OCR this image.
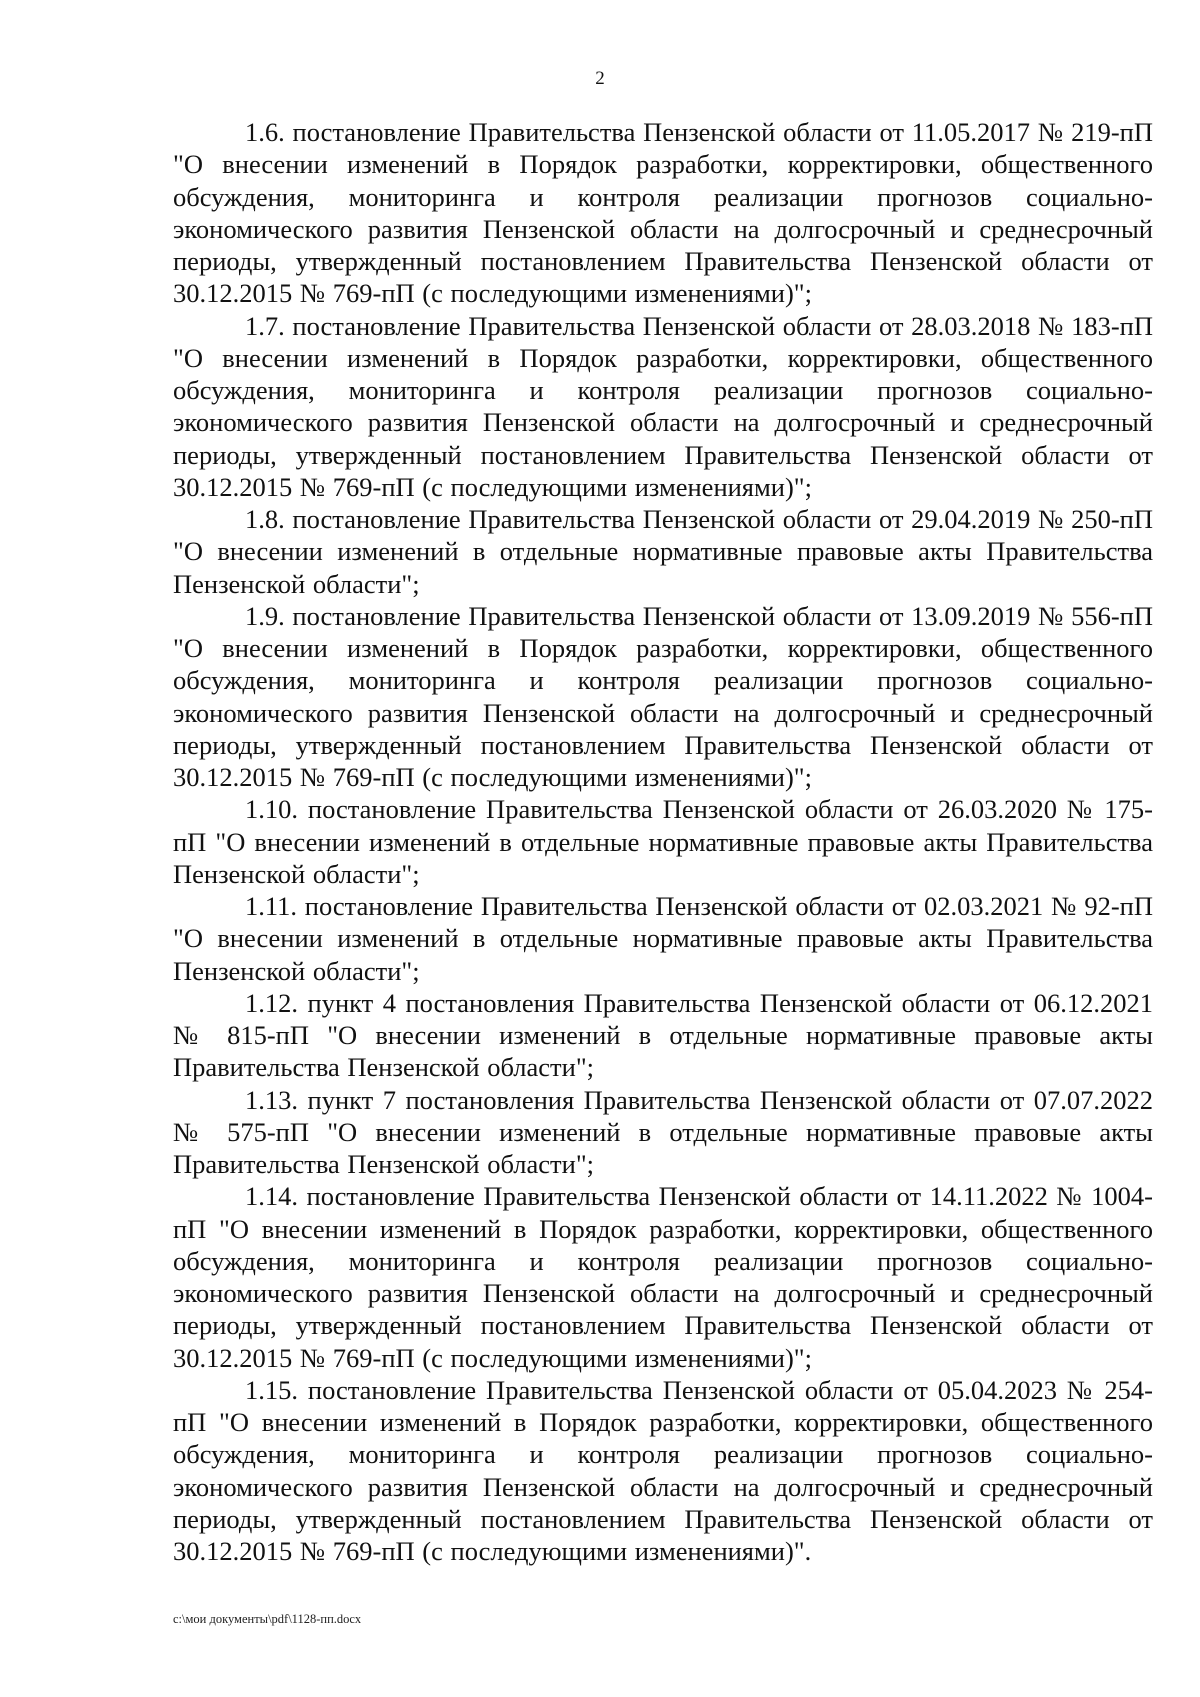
2

1.6. постановление Правительства Пензенской области от 11.05.2017 № 219-пП "О внесении изменений в Порядок разработки, корректировки, общественного обсуждения, мониторинга и контроля реализации прогнозов социально-экономического развития Пензенской области на долгосрочный и среднесрочный периоды, утвержденный постановлением Правительства Пензенской области от 30.12.2015 № 769-пП (с последующими изменениями)";

1.7. постановление Правительства Пензенской области от 28.03.2018 № 183-пП "О внесении изменений в Порядок разработки, корректировки, общественного обсуждения, мониторинга и контроля реализации прогнозов социально-экономического развития Пензенской области на долгосрочный и среднесрочный периоды, утвержденный постановлением Правительства Пензенской области от 30.12.2015 № 769-пП (с последующими изменениями)";

1.8. постановление Правительства Пензенской области от 29.04.2019 № 250-пП "О внесении изменений в отдельные нормативные правовые акты Правительства Пензенской области";

1.9. постановление Правительства Пензенской области от 13.09.2019 № 556-пП "О внесении изменений в Порядок разработки, корректировки, общественного обсуждения, мониторинга и контроля реализации прогнозов социально-экономического развития Пензенской области на долгосрочный и среднесрочный периоды, утвержденный постановлением Правительства Пензенской области от 30.12.2015 № 769-пП (с последующими изменениями)";

1.10. постановление Правительства Пензенской области от 26.03.2020 № 175-пП "О внесении изменений в отдельные нормативные правовые акты Правительства Пензенской области";

1.11. постановление Правительства Пензенской области от 02.03.2021 № 92-пП "О внесении изменений в отдельные нормативные правовые акты Правительства Пензенской области";

1.12. пункт 4 постановления Правительства Пензенской области от 06.12.2021 № 815-пП "О внесении изменений в отдельные нормативные правовые акты Правительства Пензенской области";

1.13. пункт 7 постановления Правительства Пензенской области от 07.07.2022 № 575-пП "О внесении изменений в отдельные нормативные правовые акты Правительства Пензенской области";

1.14. постановление Правительства Пензенской области от 14.11.2022 № 1004-пП "О внесении изменений в Порядок разработки, корректировки, общественного обсуждения, мониторинга и контроля реализации прогнозов социально-экономического развития Пензенской области на долгосрочный и среднесрочный периоды, утвержденный постановлением Правительства Пензенской области от 30.12.2015 № 769-пП (с последующими изменениями)";

1.15. постановление Правительства Пензенской области от 05.04.2023 № 254-пП "О внесении изменений в Порядок разработки, корректировки, общественного обсуждения, мониторинга и контроля реализации прогнозов социально-экономического развития Пензенской области на долгосрочный и среднесрочный периоды, утвержденный постановлением Правительства Пензенской области от 30.12.2015 № 769-пП (с последующими изменениями)".

c:\мои документы\pdf\1128-пп.docx
